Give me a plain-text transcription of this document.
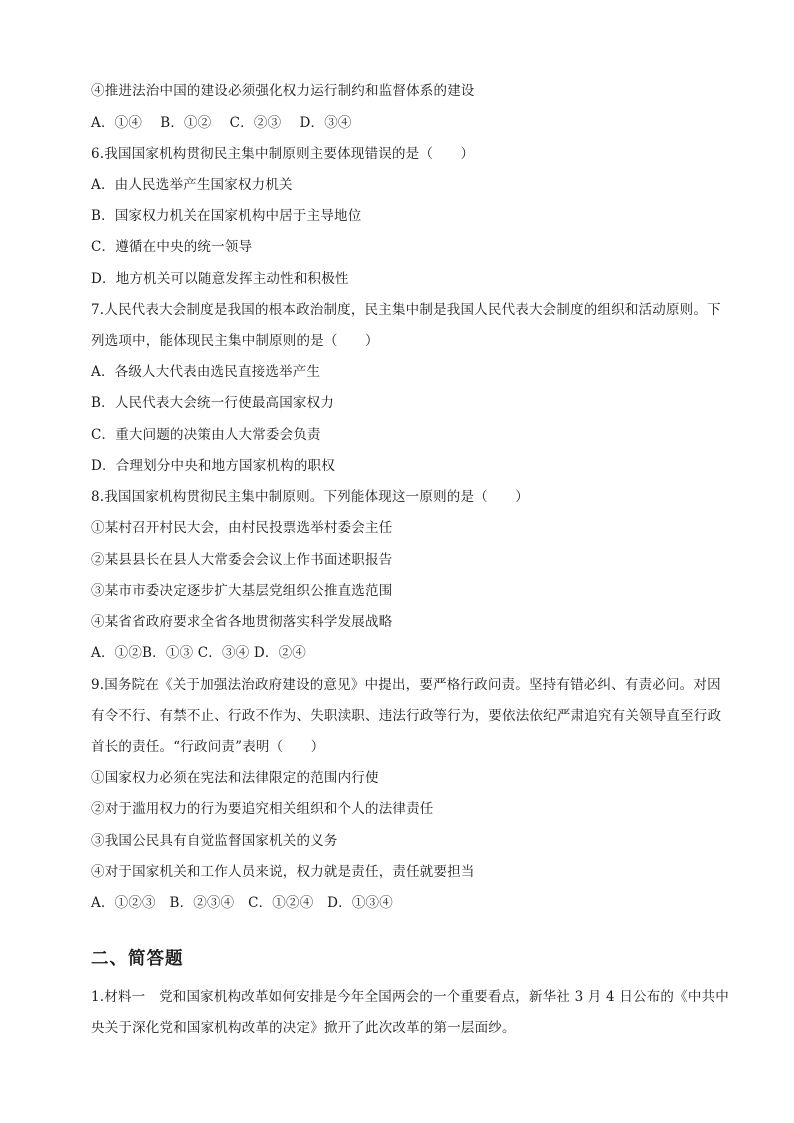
④推进法治中国的建设必须强化权力运行制约和监督体系的建设
A．①④　 B．①②　 C．②③　 D．③④
6.我国国家机构贯彻民主集中制原则主要体现错误的是（　　）
A．由人民选举产生国家权力机关
B．国家权力机关在国家机构中居于主导地位
C．遵循在中央的统一领导
D．地方机关可以随意发挥主动性和积极性
7.人民代表大会制度是我国的根本政治制度，民主集中制是我国人民代表大会制度的组织和活动原则。下
列选项中，能体现民主集中制原则的是（　　）
A．各级人大代表由选民直接选举产生
B．人民代表大会统一行使最高国家权力
C．重大问题的决策由人大常委会负责
D．合理划分中央和地方国家机构的职权
8.我国国家机构贯彻民主集中制原则。下列能体现这一原则的是（　　）
①某村召开村民大会，由村民投票选举村委会主任
②某县县长在县人大常委会会议上作书面述职报告
③某市市委决定逐步扩大基层党组织公推直选范围
④某省省政府要求全省各地贯彻落实科学发展战略
A．①②B．①③ C．③④ D．②④
9.国务院在《关于加强法治政府建设的意见》中提出，要严格行政问责。坚持有错必纠、有责必问。对因
有令不行、有禁不止、行政不作为、失职渎职、违法行政等行为，要依法依纪严肃追究有关领导直至行政
首长的责任。“行政问责”表明（　　）
①国家权力必须在宪法和法律限定的范围内行使
②对于滥用权力的行为要追究相关组织和个人的法律责任
③我国公民具有自觉监督国家机关的义务
④对于国家机关和工作人员来说，权力就是责任，责任就要担当
A．①②③　B．②③④　C．①②④　D．①③④
二、简答题
1.材料一　党和国家机构改革如何安排是今年全国两会的一个重要看点，新华社 3 月 4 日公布的《中共中
央关于深化党和国家机构改革的决定》掀开了此次改革的第一层面纱。
